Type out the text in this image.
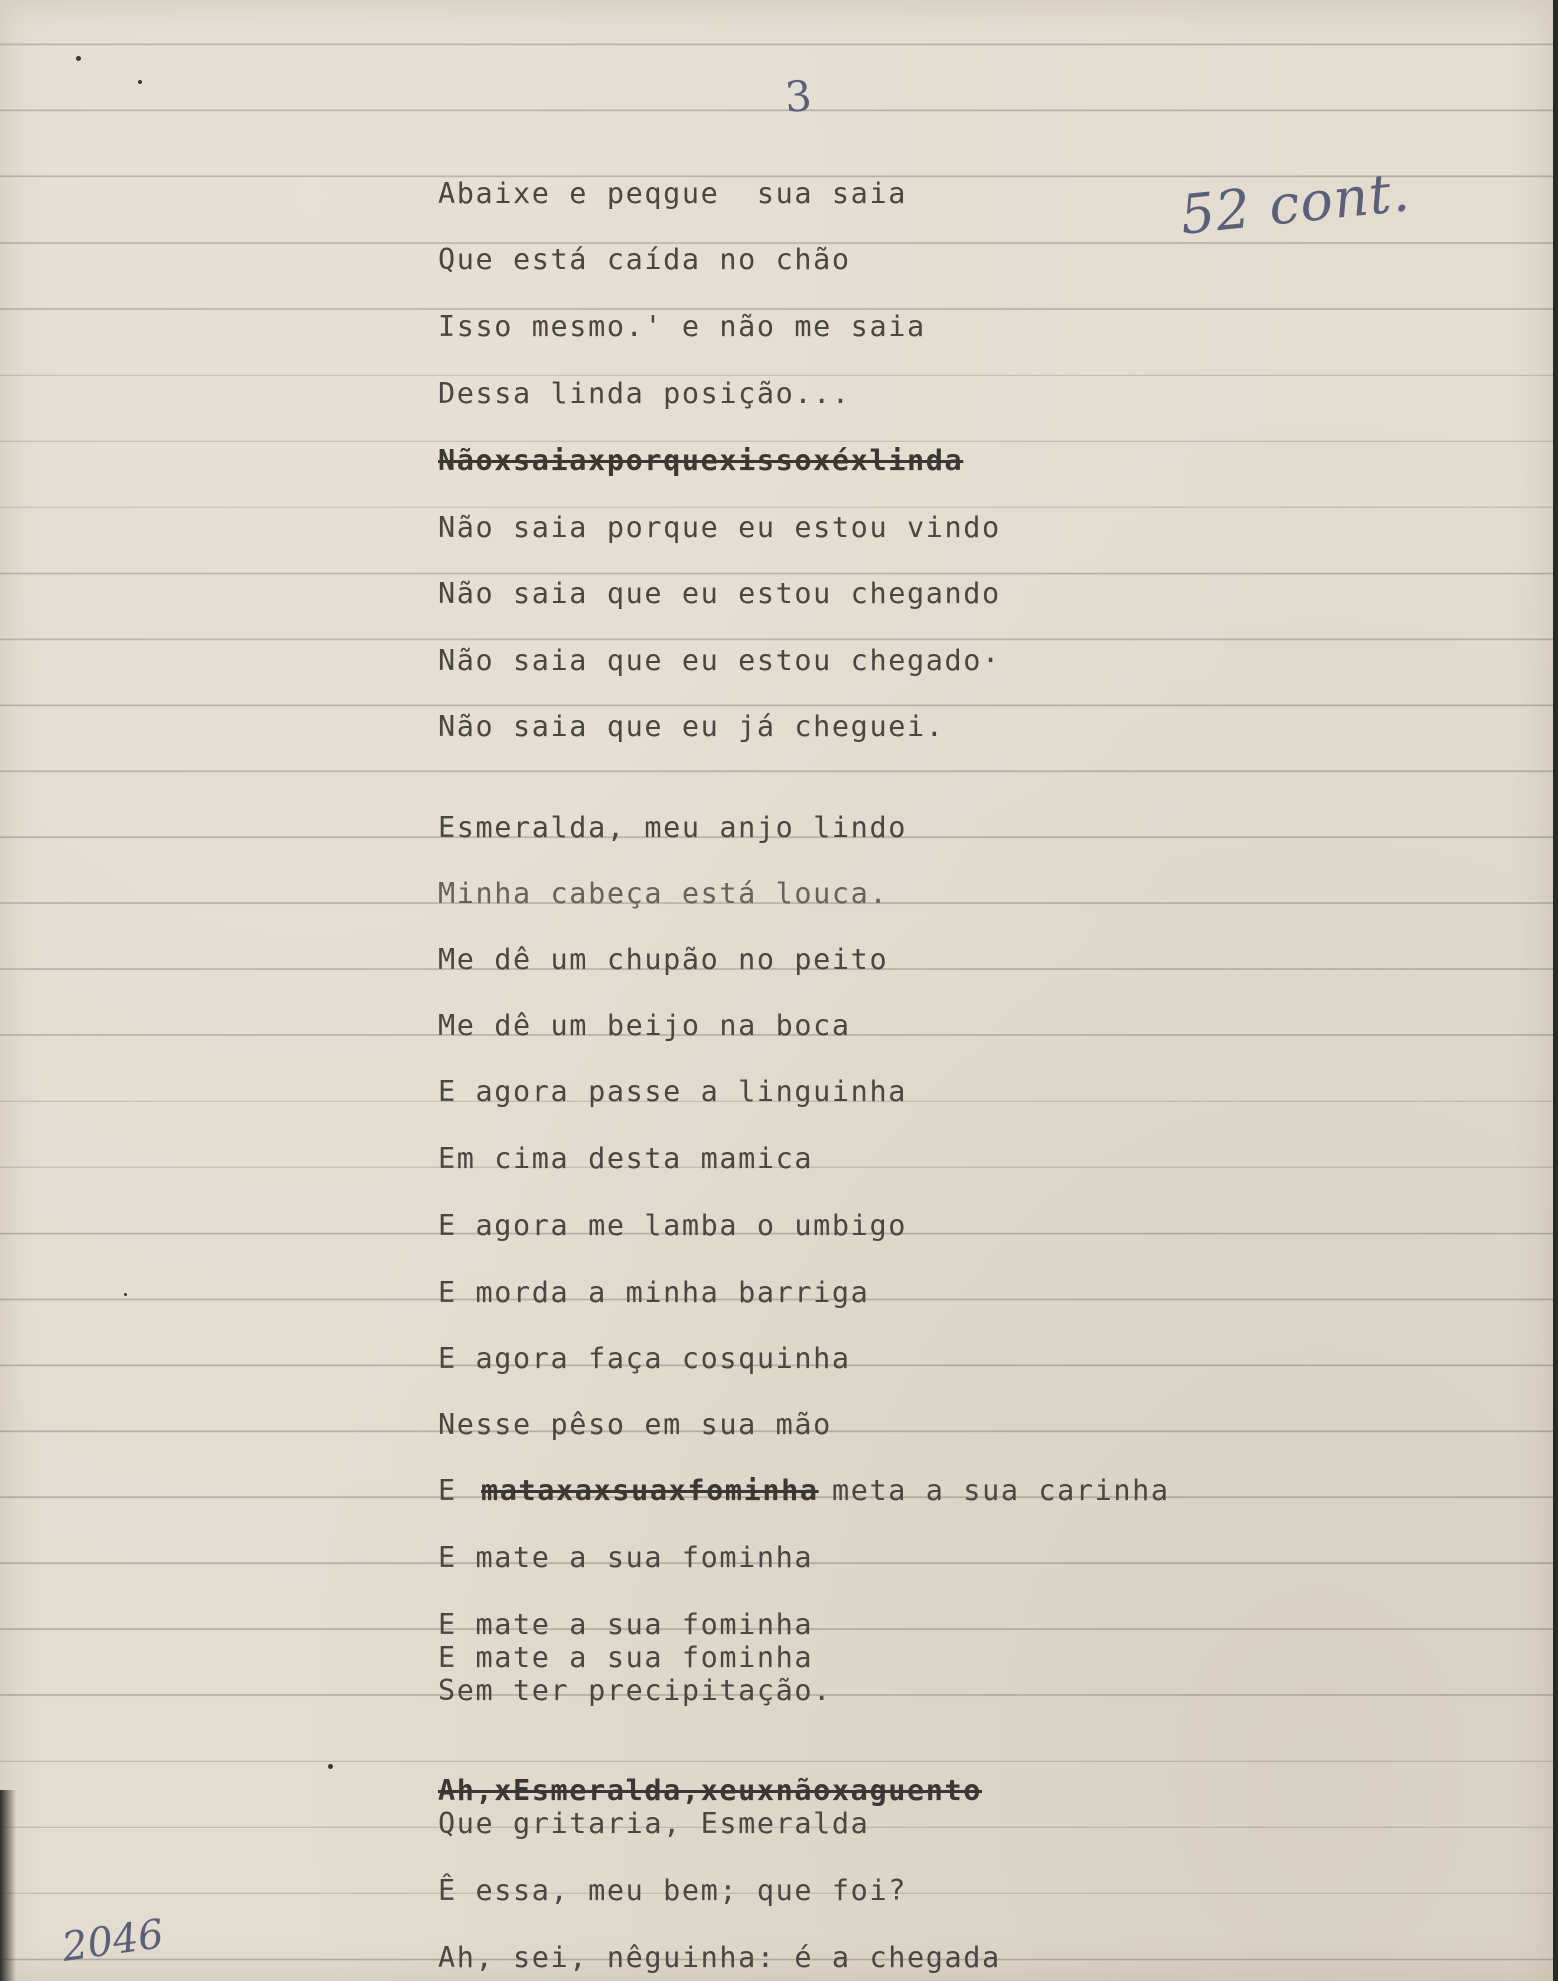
3
52 cont.

Abaixe e peqgue  sua saia

Que está caída no chão

Isso mesmo.' e não me saia

Dessa linda posição...

Nãoxsaiaxporquexissoxéxlinda

Não saia porque eu estou vindo

Não saia que eu estou chegando

Não saia que eu estou chegado·

Não saia que eu já cheguei.

Esmeralda, meu anjo lindo

Minha cabeça está louca.

Me dê um chupão no peito

Me dê um beijo na boca

E agora passe a linguinha

Em cima desta mamica

E agora me lamba o umbigo

E morda a minha barriga

E agora faça cosquinha

Nesse pêso em sua mão

E mataxaxsuaxfominha meta a sua carinha

E mate a sua fominha

E mate a sua fominha

E mate a sua fominha

Sem ter precipitação.

Ah,xEsmeralda,xeuxnãoxaguento

Que gritaria, Esmeralda

Ê essa, meu bem; que foi?

Ah, sei, nêguinha: é a chegada

2046
